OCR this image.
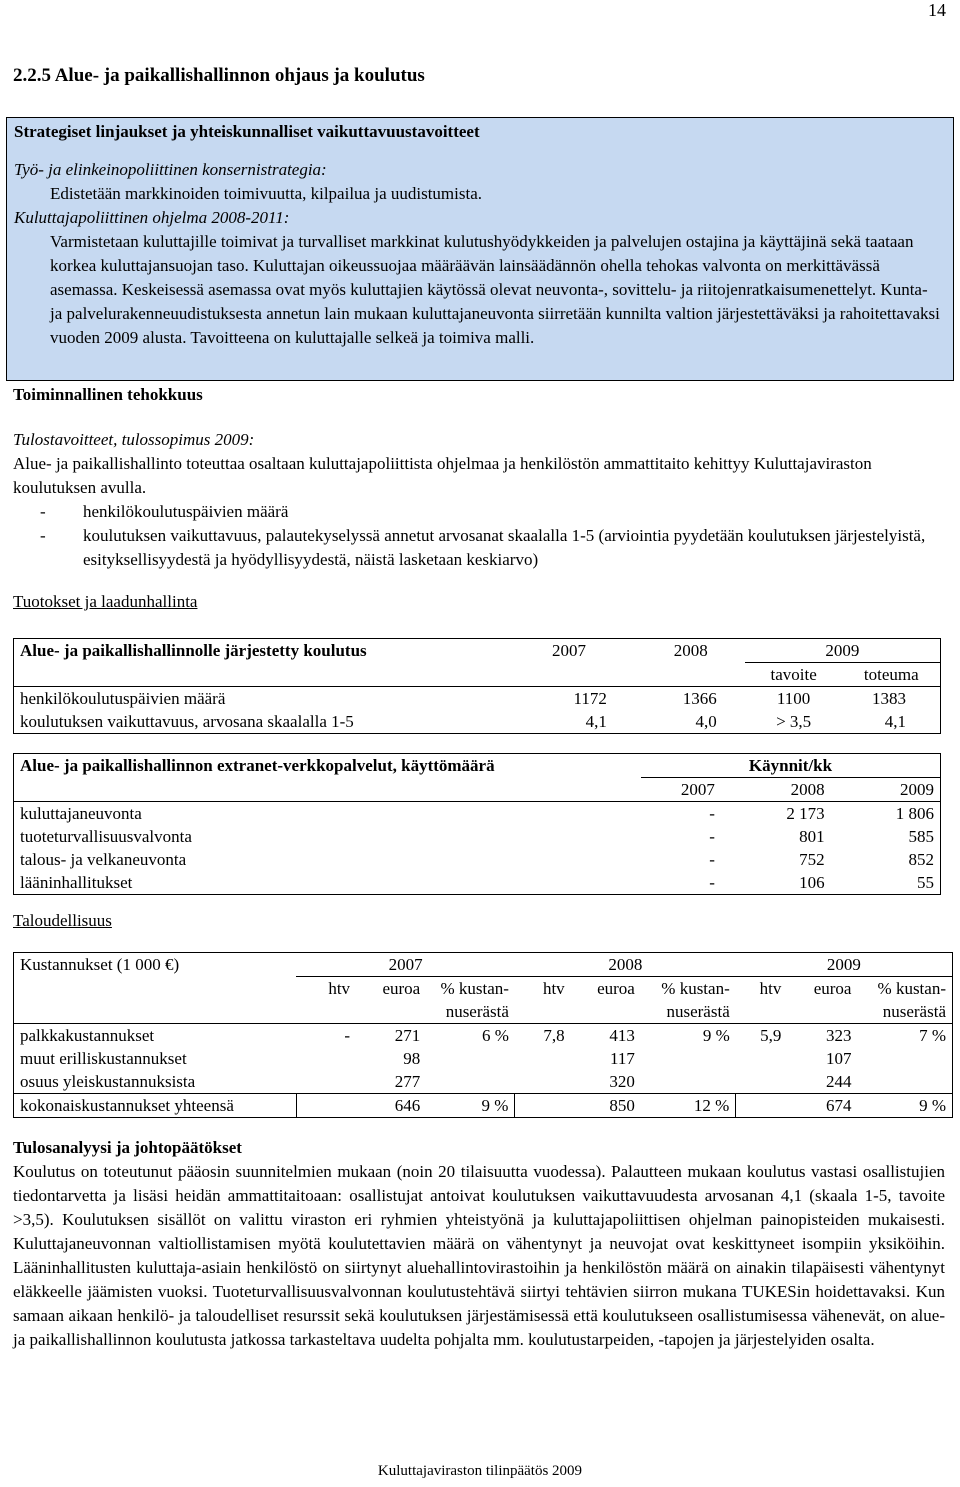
14
2.2.5 Alue- ja paikallishallinnon ohjaus ja koulutus

Strategiset linjaukset ja yhteiskunnalliset vaikuttavuustavoitteet

Työ- ja elinkeinopoliittinen konsernistrategia:

Edistetään markkinoiden toimivuutta, kilpailua ja uudistumista.

Kuluttajapoliittinen ohjelma 2008-2011:

Varmistetaan kuluttajille toimivat ja turvalliset markkinat kulutushyödykkeiden ja palvelujen ostajina ja käyttäjinä sekä taataan korkea kuluttajansuojan taso. Kuluttajan oikeussuojaa määräävän lainsäädännön ohella tehokas valvonta on merkittävässä asemassa. Keskeisessä asemassa ovat myös kuluttajien käytössä olevat neuvonta-, sovittelu- ja riitojenratkaisumenettelyt. Kunta- ja palvelurakenneuudistuksesta annetun lain mukaan kuluttajaneuvonta siirretään kunnilta valtion järjestettäväksi ja rahoitettavaksi vuoden 2009 alusta. Tavoitteena on kuluttajalle selkeä ja toimiva malli.

Toiminnallinen tehokkuus

Tulostavoitteet, tulossopimus 2009:

Alue- ja paikallishallinto toteuttaa osaltaan kuluttajapoliittista ohjelmaa ja henkilöstön ammattitaito kehittyy Kuluttajaviraston koulutuksen avulla.

- henkilökoulutuspäivien määrä

- koulutuksen vaikuttavuus, palautekyselyssä annetut arvosanat skaalalla 1-5 (arviointia pyydetään koulutuksen järjestelyistä, esityksellisyydestä ja hyödyllisyydestä, näistä lasketaan keskiarvo)

Tuotokset ja laadunhallinta
Alue- ja paikallishallinnolle järjestetty koulutus	2007	2008	2009	
			tavoite	toteuma
henkilökoulutuspäivien määrä	1172	1366	1100	1383
koulutuksen vaikuttavuus, arvosana skaalalla 1-5	4,1	4,0	> 3,5	4,1
Alue- ja paikallishallinnon extranet-verkkopalvelut, käyttömäärä	Käynnit/kk		
	2007	2008	2009
kuluttajaneuvonta	-	2 173	1 806
tuoteturvallisuusvalvonta	-	801	585
talous- ja velkaneuvonta	-	752	852
lääninhallitukset	-	106	55
Taloudellisuus
Kustannukset (1 000 €)	2007			2008			2009		
	htv	euroa	% kustan-	htv	euroa	% kustan-	htv	euroa	% kustan-
			nuserästä			nuserästä			nuserästä
palkkakustannukset	-	271	6 %	7,8	413	9 %	5,9	323	7 %
muut erilliskustannukset		98			117			107	
osuus yleiskustannuksista		277			320			244	
kokonaiskustannukset yhteensä		646	9 %		850	12 %		674	9 %

Tulosanalyysi ja johtopäätökset

Koulutus on toteutunut pääosin suunnitelmien mukaan (noin 20 tilaisuutta vuodessa). Palautteen mukaan koulutus vastasi osallistujien tiedontarvetta ja lisäsi heidän ammattitaitoaan: osallistujat antoivat koulutuksen vaikuttavuudesta arvosanan 4,1 (skaala 1-5, tavoite >3,5). Koulutuksen sisällöt on valittu viraston eri ryhmien yhteistyönä ja kuluttajapoliittisen ohjelman painopisteiden mukaisesti. Kuluttajaneuvonnan valtiollistamisen myötä koulutettavien määrä on vähentynyt ja neuvojat ovat keskittyneet isompiin yksiköihin. Lääninhallitusten kuluttaja-asiain henkilöstö on siirtynyt aluehallintovirastoihin ja henkilöstön määrä on ainakin tilapäisesti vähentynyt eläkkeelle jäämisten vuoksi. Tuoteturvallisuusvalvonnan koulutustehtävä siirtyi tehtävien siirron mukana TUKESin hoidettavaksi. Kun samaan aikaan henkilö- ja taloudelliset resurssit sekä koulutuksen järjestämisessä että koulutukseen osallistumisessa vähenevät, on alue- ja paikallishallinnon koulutusta jatkossa tarkasteltava uudelta pohjalta mm. koulutustarpeiden, -tapojen ja järjestelyiden osalta.

Kuluttajaviraston tilinpäätös 2009
